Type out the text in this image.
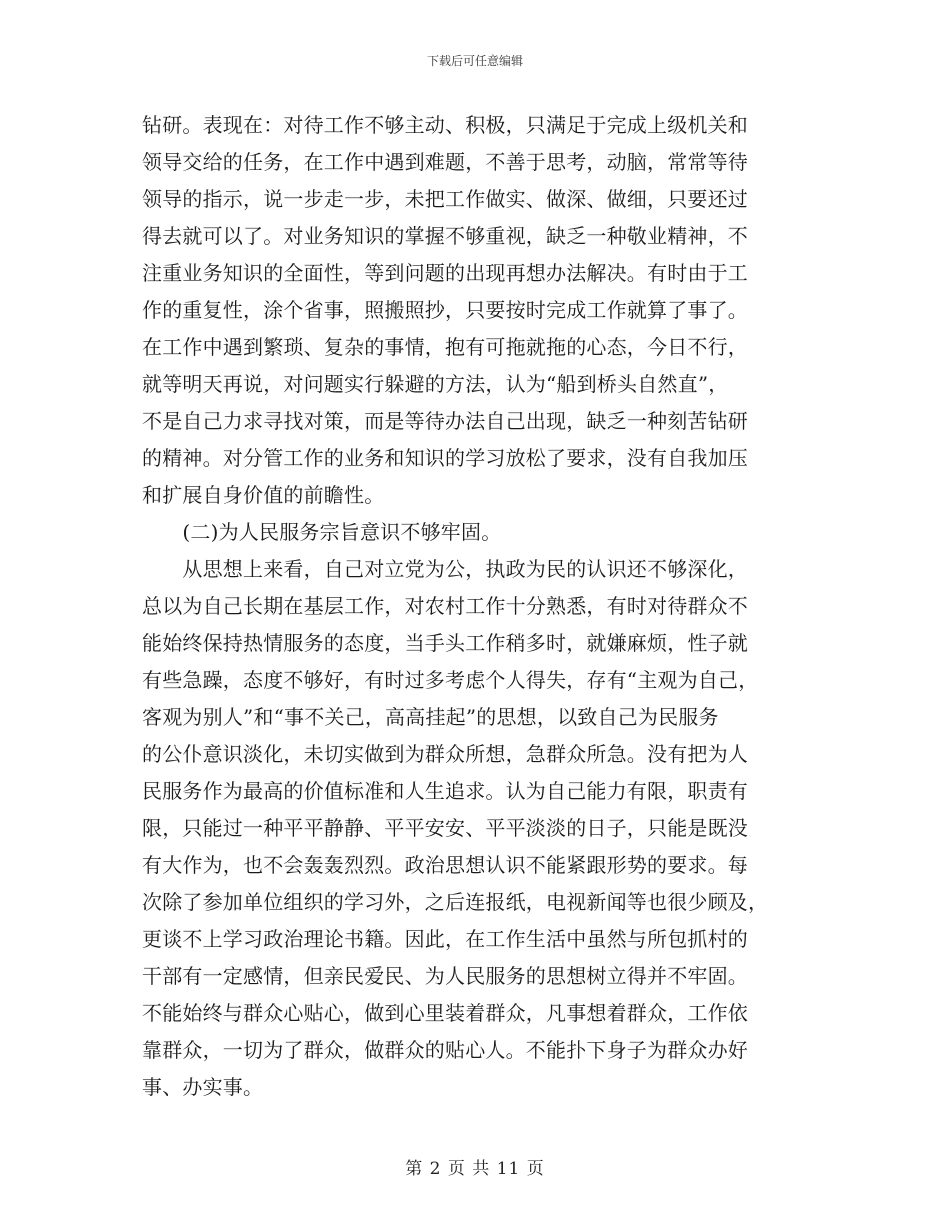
下载后可任意编辑
钻研。表现在：对待工作不够主动、积极，只满足于完成上级机关和
领导交给的任务，在工作中遇到难题，不善于思考，动脑，常常等待
领导的指示，说一步走一步，未把工作做实、做深、做细，只要还过
得去就可以了。对业务知识的掌握不够重视，缺乏一种敬业精神，不
注重业务知识的全面性，等到问题的出现再想办法解决。有时由于工
作的重复性，涂个省事，照搬照抄，只要按时完成工作就算了事了。
在工作中遇到繁琐、复杂的事情，抱有可拖就拖的心态，今日不行，
就等明天再说，对问题实行躲避的方法，认为“船到桥头自然直”，
不是自己力求寻找对策，而是等待办法自己出现，缺乏一种刻苦钻研
的精神。对分管工作的业务和知识的学习放松了要求，没有自我加压
和扩展自身价值的前瞻性。
　　(二)为人民服务宗旨意识不够牢固。
　　从思想上来看，自己对立党为公，执政为民的认识还不够深化，
总以为自己长期在基层工作，对农村工作十分熟悉，有时对待群众不
能始终保持热情服务的态度，当手头工作稍多时，就嫌麻烦，性子就
有些急躁，态度不够好，有时过多考虑个人得失，存有“主观为自己，
客观为别人”和“事不关己，高高挂起”的思想，以致自己为民服务
的公仆意识淡化，未切实做到为群众所想，急群众所急。没有把为人
民服务作为最高的价值标准和人生追求。认为自己能力有限，职责有
限，只能过一种平平静静、平平安安、平平淡淡的日子，只能是既没
有大作为，也不会轰轰烈烈。政治思想认识不能紧跟形势的要求。每
次除了参加单位组织的学习外，之后连报纸，电视新闻等也很少顾及，
更谈不上学习政治理论书籍。因此，在工作生活中虽然与所包抓村的
干部有一定感情，但亲民爱民、为人民服务的思想树立得并不牢固。
不能始终与群众心贴心，做到心里装着群众，凡事想着群众，工作依
靠群众，一切为了群众，做群众的贴心人。不能扑下身子为群众办好
事、办实事。
第 2 页 共 11 页
